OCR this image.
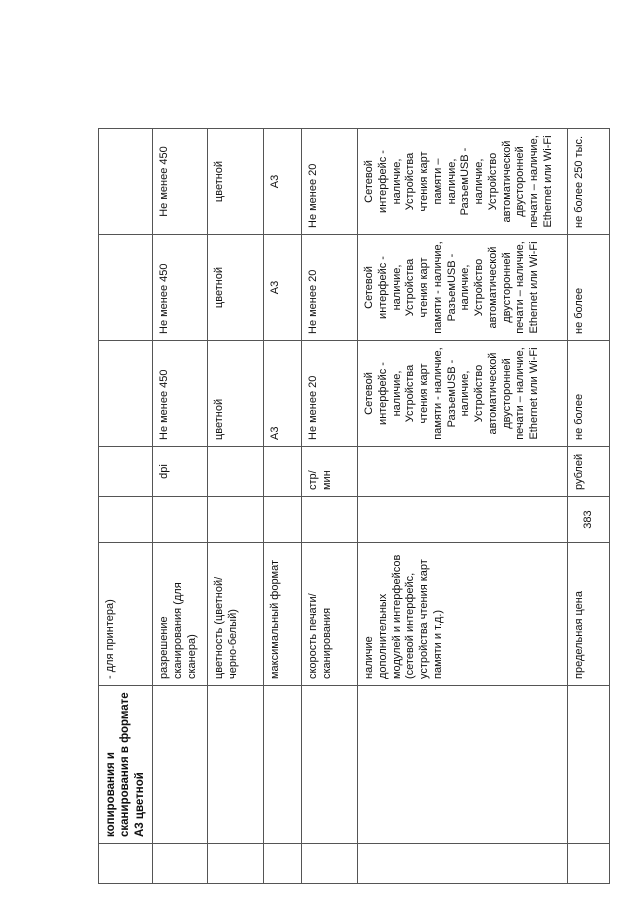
	копирования и сканирования в формате А3 цветной	- для принтера)					
		разрешение сканирования (для сканера)		dpi	Не менее 450	Не менее 450	Не менее 450
		цветность (цветной/черно-белый)			цветной	цветной	цветной
		максимальный формат			А3	А3	А3
		скорость печати/сканирования		стр/мин	Не менее 20	Не менее 20	Не менее 20
		наличие дополнительных модулей и интерфейсов (сетевой интерфейс, устройства чтения карт памяти и т.д.)			Сетевой интерфейс - наличие, Устройства чтения карт памяти - наличие, РазъемUSB - наличие, Устройство автоматической двусторонней печати – наличие, Ethernet или Wi-Fi	Сетевой интерфейс - наличие, Устройства чтения карт памяти - наличие, РазъемUSB - наличие, Устройство автоматической двусторонней печати – наличие, Ethernet или Wi-Fi	Сетевой интерфейс - наличие, Устройства чтения карт памяти – наличие, РазъемUSB - наличие, Устройство автоматической двусторонней печати – наличие, Ethernet или Wi-Fi
		предельная цена	383	рублей	не более	не более	не более 250 тыс.
